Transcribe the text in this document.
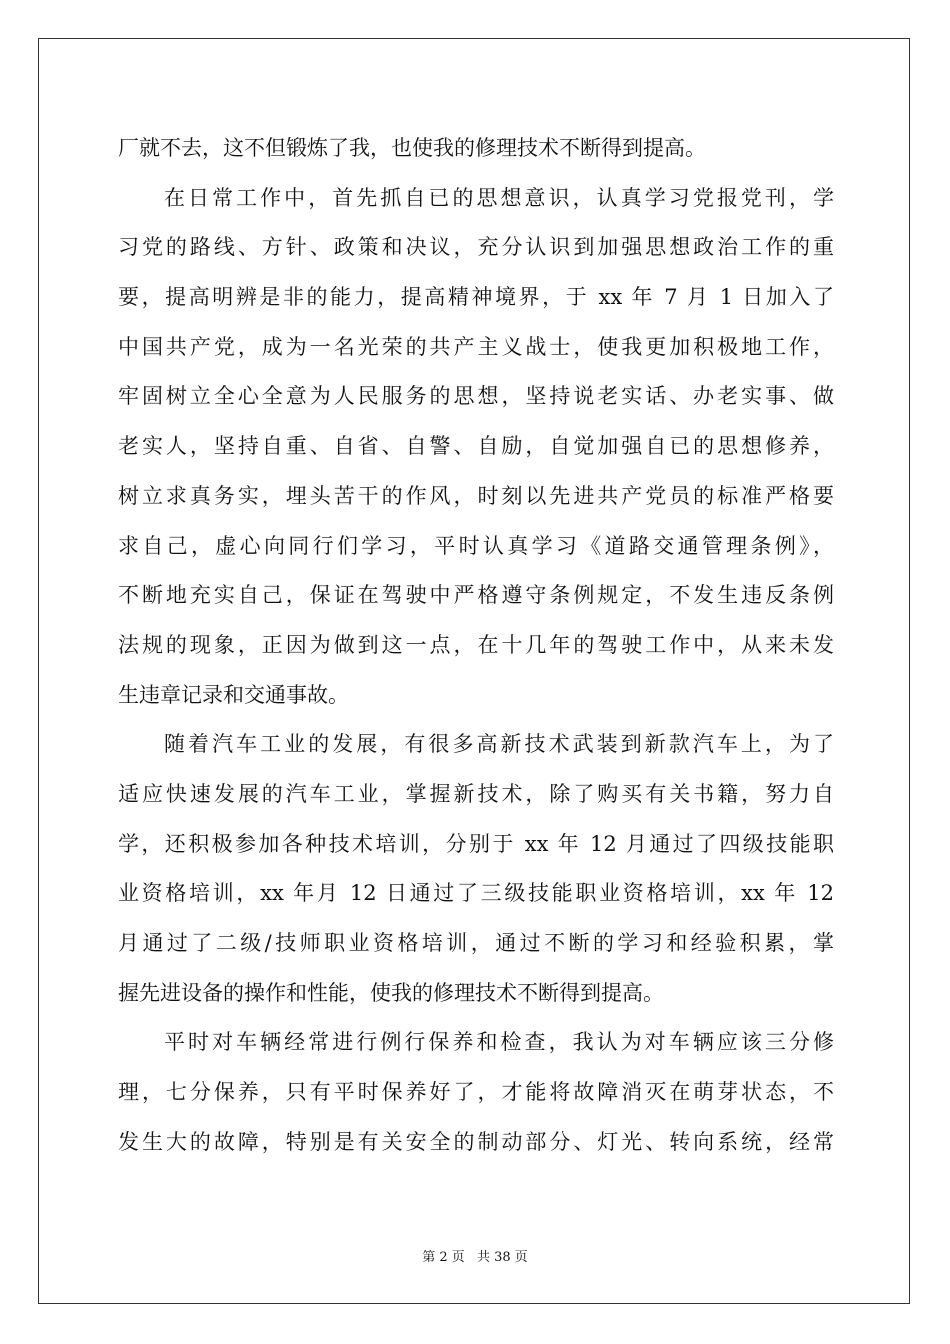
厂就不去，这不但锻炼了我，也使我的修理技术不断得到提高。
在日常工作中，首先抓自已的思想意识，认真学习党报党刊，学
习党的路线、方针、政策和决议，充分认识到加强思想政治工作的重
要，提高明辨是非的能力，提高精神境界，于 xx 年 7 月 1 日加入了
中国共产党，成为一名光荣的共产主义战士，使我更加积极地工作，
牢固树立全心全意为人民服务的思想，坚持说老实话、办老实事、做
老实人，坚持自重、自省、自警、自励，自觉加强自已的思想修养，
树立求真务实，埋头苦干的作风，时刻以先进共产党员的标准严格要
求自己，虚心向同行们学习，平时认真学习《道路交通管理条例》，
不断地充实自己，保证在驾驶中严格遵守条例规定，不发生违反条例
法规的现象，正因为做到这一点，在十几年的驾驶工作中，从来未发
生违章记录和交通事故。
随着汽车工业的发展，有很多高新技术武装到新款汽车上，为了
适应快速发展的汽车工业，掌握新技术，除了购买有关书籍，努力自
学，还积极参加各种技术培训，分别于 xx 年 12 月通过了四级技能职
业资格培训，xx 年月 12 日通过了三级技能职业资格培训，xx 年 12
月通过了二级/技师职业资格培训，通过不断的学习和经验积累，掌
握先进设备的操作和性能，使我的修理技术不断得到提高。
平时对车辆经常进行例行保养和检查，我认为对车辆应该三分修
理，七分保养，只有平时保养好了，才能将故障消灭在萌芽状态，不
发生大的故障，特别是有关安全的制动部分、灯光、转向系统，经常
第 2 页 共 38 页
